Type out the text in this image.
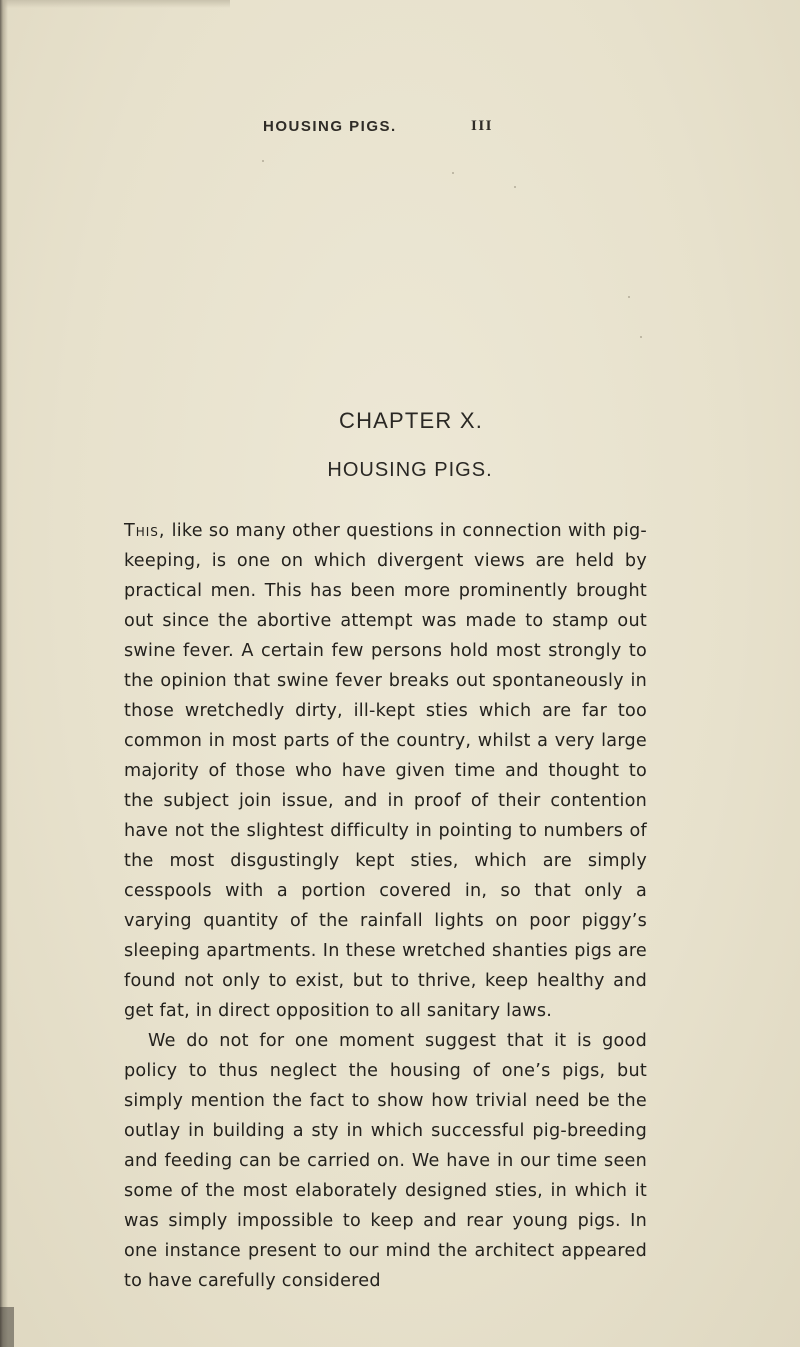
HOUSING PIGS.	III
CHAPTER X.
HOUSING PIGS.

This, like so many other questions in connection with pig-keeping, is one on which divergent views are held by practical men. This has been more prominently brought out since the abortive attempt was made to stamp out swine fever. A certain few persons hold most strongly to the opinion that swine fever breaks out spontaneously in those wretchedly dirty, ill-kept sties which are far too common in most parts of the country, whilst a very large majority of those who have given time and thought to the subject join issue, and in proof of their contention have not the slightest difficulty in pointing to numbers of the most disgustingly kept sties, which are simply cesspools with a portion covered in, so that only a varying quantity of the rainfall lights on poor piggy’s sleeping apartments. In these wretched shanties pigs are found not only to exist, but to thrive, keep healthy and get fat, in direct opposition to all sanitary laws.

We do not for one moment suggest that it is good policy to thus neglect the housing of one’s pigs, but simply mention the fact to show how trivial need be the outlay in building a sty in which successful pig-breeding and feeding can be carried on. We have in our time seen some of the most elaborately designed sties, in which it was simply impossible to keep and rear young pigs. In one instance present to our mind the architect appeared to have carefully considered
